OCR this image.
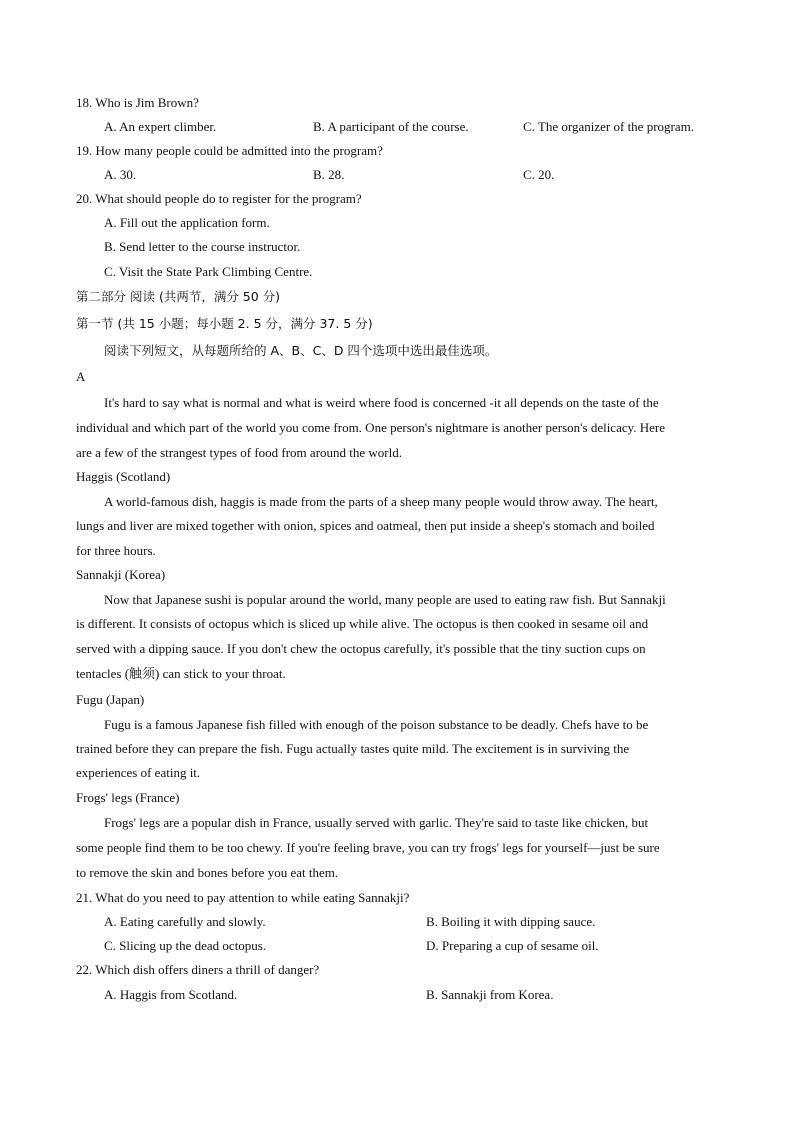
18. Who is Jim Brown?
A. An expert climber.	B. A participant of the course.	C. The organizer of the program.
19. How many people could be admitted into the program?
A. 30.	B. 28.	C. 20.
20. What should people do to register for the program?
A. Fill out the application form.
B. Send letter to the course instructor.
C. Visit the State Park Climbing Centre.
第二部分 阅读 (共两节，满分 50 分)
第一节 (共 15 小题；每小题 2. 5 分，满分 37. 5 分)
阅读下列短文，从每题所给的 A、B、C、D 四个选项中选出最佳选项。
A
It's hard to say what is normal and what is weird where food is concerned -it all depends on the taste of the
individual and which part of the world you come from. One person's nightmare is another person's delicacy. Here
are a few of the strangest types of food from around the world.
Haggis (Scotland)
A world-famous dish, haggis is made from the parts of a sheep many people would throw away. The heart,
lungs and liver are mixed together with onion, spices and oatmeal, then put inside a sheep's stomach and boiled
for three hours.
Sannakji (Korea)
Now that Japanese sushi is popular around the world, many people are used to eating raw fish. But Sannakji
is different. It consists of octopus which is sliced up while alive. The octopus is then cooked in sesame oil and
served with a dipping sauce. If you don't chew the octopus carefully, it's possible that the tiny suction cups on
tentacles (触须) can stick to your throat.
Fugu (Japan)
Fugu is a famous Japanese fish filled with enough of the poison substance to be deadly. Chefs have to be
trained before they can prepare the fish. Fugu actually tastes quite mild. The excitement is in surviving the
experiences of eating it.
Frogs' legs (France)
Frogs' legs are a popular dish in France, usually served with garlic. They're said to taste like chicken, but
some people find them to be too chewy. If you're feeling brave, you can try frogs' legs for yourself—just be sure
to remove the skin and bones before you eat them.
21. What do you need to pay attention to while eating Sannakji?
A. Eating carefully and slowly.	B. Boiling it with dipping sauce.
C. Slicing up the dead octopus.	D. Preparing a cup of sesame oil.
22. Which dish offers diners a thrill of danger?
A. Haggis from Scotland.	B. Sannakji from Korea.
